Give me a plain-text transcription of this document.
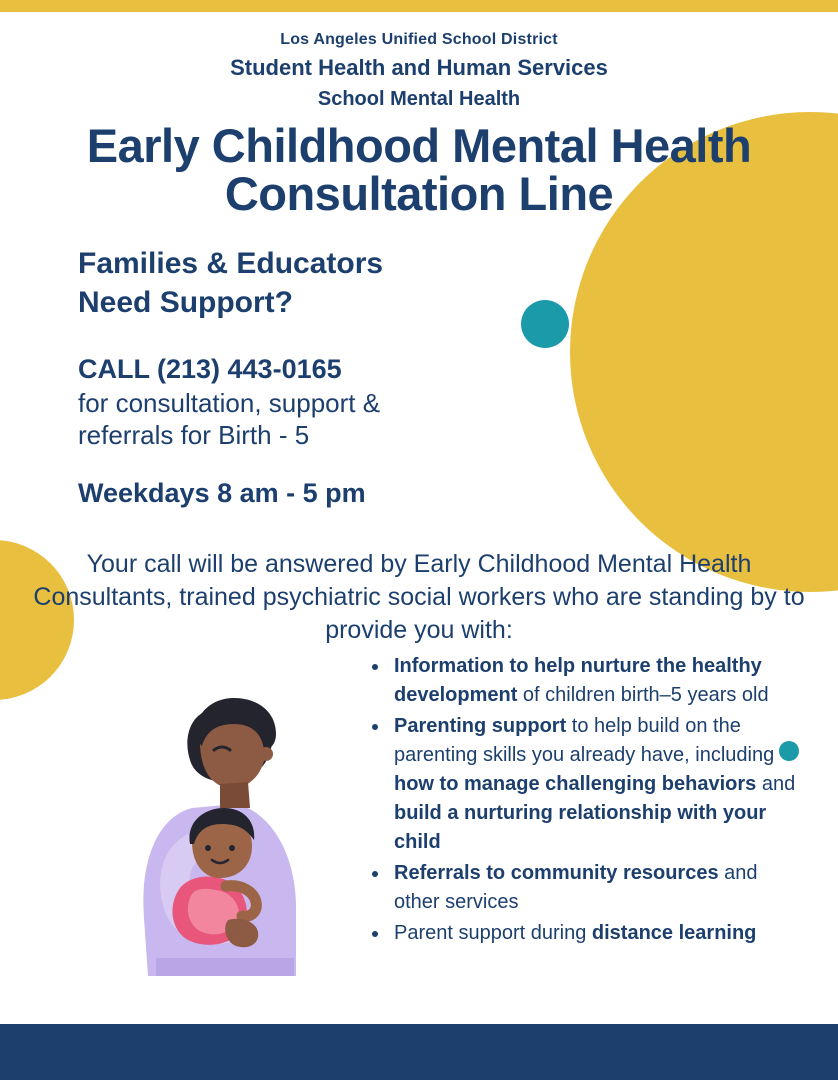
Los Angeles Unified School District
Student Health and Human Services
School Mental Health
Early Childhood Mental Health Consultation Line
Families & Educators
Need Support?
CALL (213) 443-0165
for consultation, support &
referrals for Birth - 5
Weekdays 8 am - 5 pm
Your call will be answered by Early Childhood Mental Health Consultants, trained psychiatric social workers who are standing by to provide you with:
• Information to help nurture the healthy development of children birth–5 years old
• Parenting support to help build on the parenting skills you already have, including how to manage challenging behaviors and build a nurturing relationship with your child
• Referrals to community resources and other services
• Parent support during distance learning
